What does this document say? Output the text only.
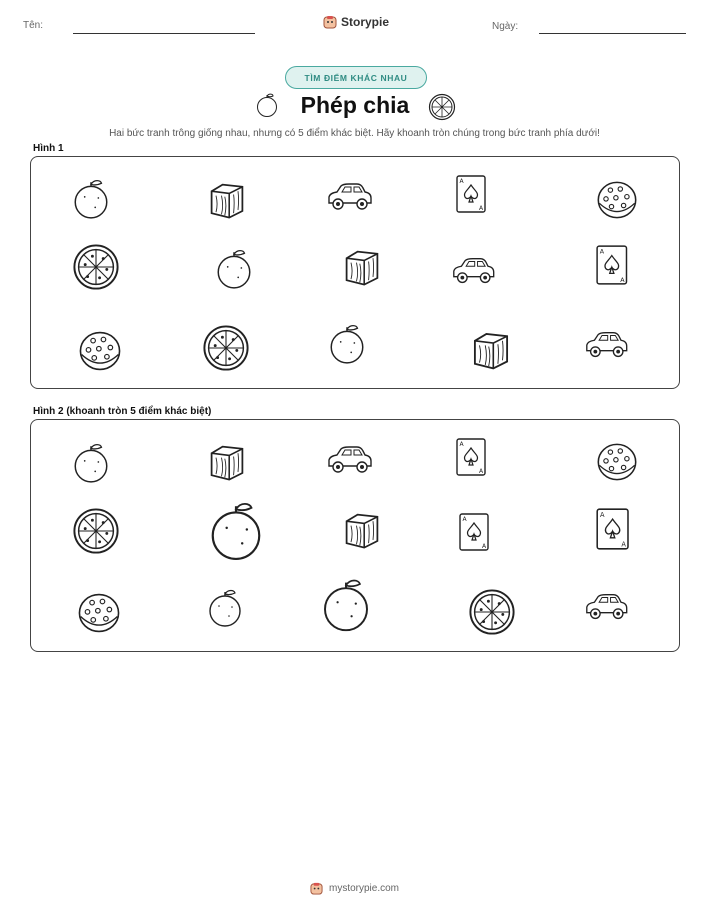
Tên:	Storypie	Ngày:
TÌM ĐIỂM KHÁC NHAU
Phép chia
Hai bức tranh trông giống nhau, nhưng có 5 điểm khác biệt. Hãy khoanh tròn chúng trong bức tranh phía dưới!
Hình 1
Hình 2 (khoanh tròn 5 điểm khác biệt)
A
A
A
A
A
A
A
A
A
A
mystorypie.com
